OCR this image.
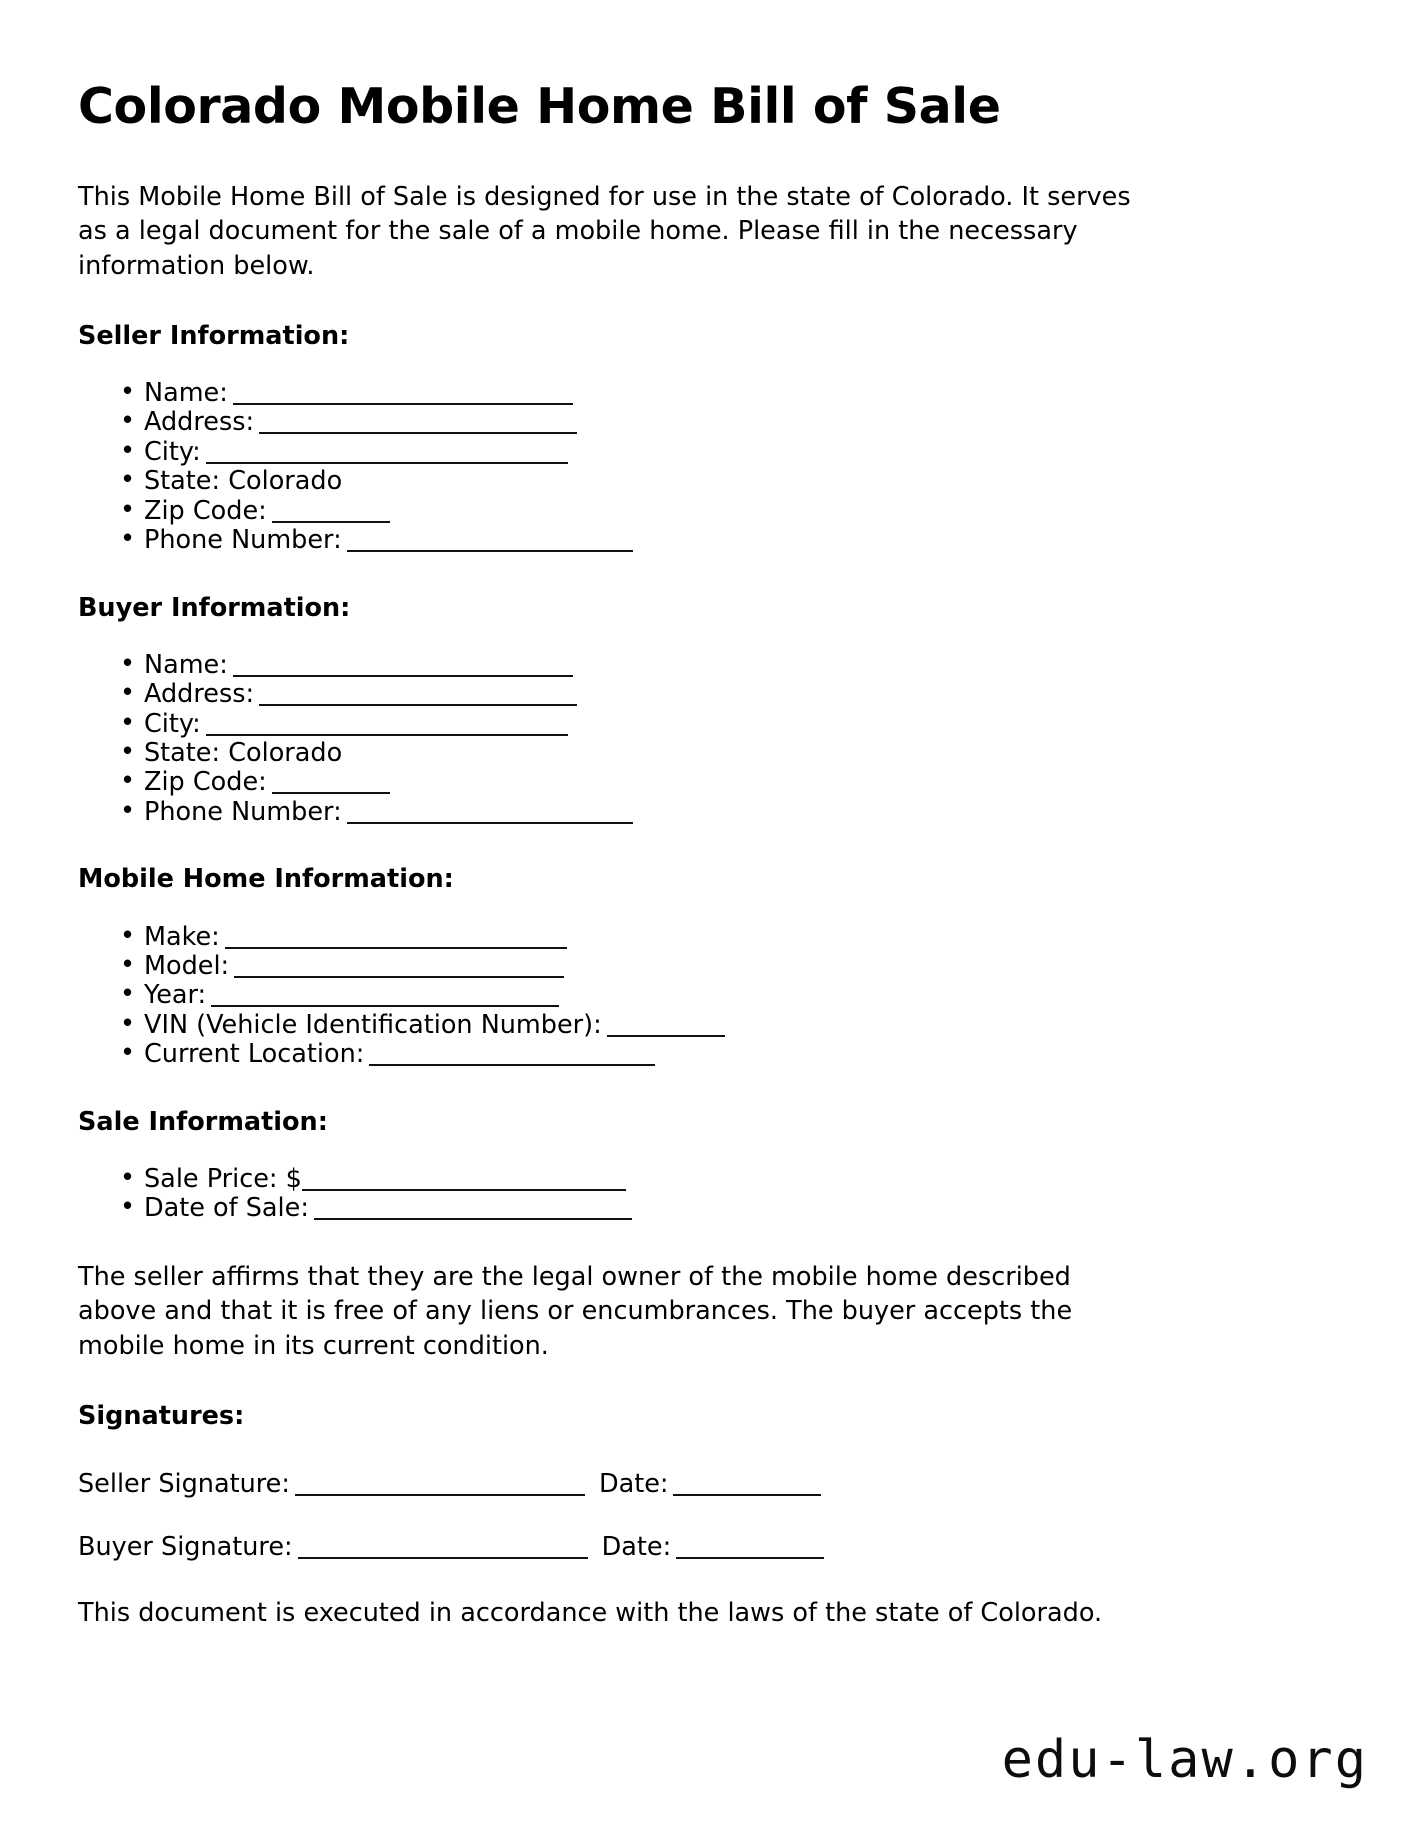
Colorado Mobile Home Bill of Sale

This Mobile Home Bill of Sale is designed for use in the state of Colorado. It serves as a legal document for the sale of a mobile home. Please fill in the necessary information below.

Seller Information:
• Name:
• Address:
• City:
• State: Colorado
• Zip Code:
• Phone Number:
Buyer Information:
• Name:
• Address:
• City:
• State: Colorado
• Zip Code:
• Phone Number:
Mobile Home Information:
• Make:
• Model:
• Year:
• VIN (Vehicle Identification Number):
• Current Location:
Sale Information:
• Sale Price: $
• Date of Sale:

The seller affirms that they are the legal owner of the mobile home described above and that it is free of any liens or encumbrances. The buyer accepts the mobile home in its current condition.

Signatures:
Seller Signature:	Date:
Buyer Signature:	Date:

This document is executed in accordance with the laws of the state of Colorado.

edu-law.org
